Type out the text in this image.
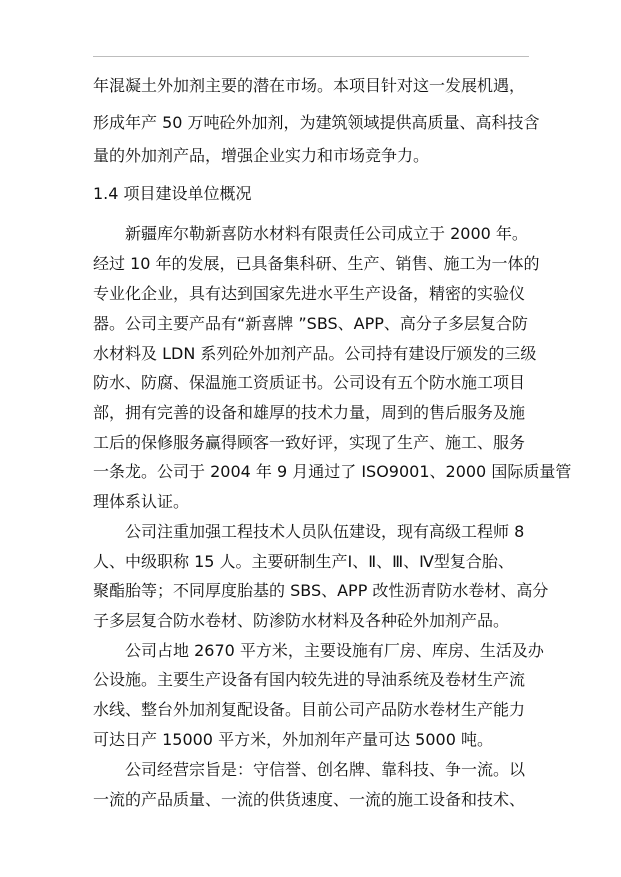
年混凝土外加剂主要的潜在市场。本项目针对这一发展机遇，
形成年产 50 万吨砼外加剂，为建筑领域提供高质量、高科技含
量的外加剂产品，增强企业实力和市场竞争力。
1.4 项目建设单位概况
新疆库尔勒新喜防水材料有限责任公司成立于 2000 年。
经过 10 年的发展，已具备集科研、生产、销售、施工为一体的
专业化企业，具有达到国家先进水平生产设备，精密的实验仪
器。公司主要产品有“新喜牌 ”SBS、APP、高分子多层复合防
水材料及 LDN 系列砼外加剂产品。公司持有建设厅颁发的三级
防水、防腐、保温施工资质证书。公司设有五个防水施工项目
部，拥有完善的设备和雄厚的技术力量，周到的售后服务及施
工后的保修服务赢得顾客一致好评，实现了生产、施工、服务
一条龙。公司于 2004 年 9 月通过了 ISO9001、2000 国际质量管
理体系认证。
公司注重加强工程技术人员队伍建设，现有高级工程师 8
人、中级职称 15 人。主要研制生产Ⅰ、Ⅱ、Ⅲ、Ⅳ型复合胎、
聚酯胎等；不同厚度胎基的 SBS、APP 改性沥青防水卷材、高分
子多层复合防水卷材、防渗防水材料及各种砼外加剂产品。
公司占地 2670 平方米，主要设施有厂房、库房、生活及办
公设施。主要生产设备有国内较先进的导油系统及卷材生产流
水线、整台外加剂复配设备。目前公司产品防水卷材生产能力
可达日产 15000 平方米，外加剂年产量可达 5000 吨。
公司经营宗旨是：守信誉、创名牌、靠科技、争一流。以
一流的产品质量、一流的供货速度、一流的施工设备和技术、
